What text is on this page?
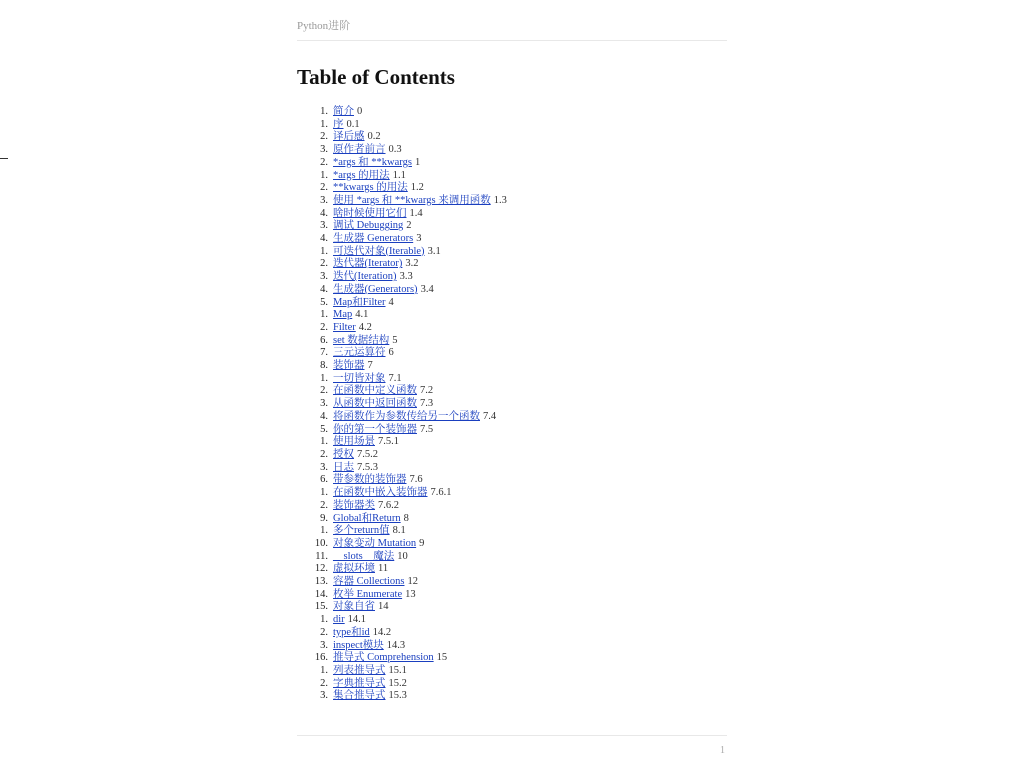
Python进阶
Table of Contents
1. 简介 0
1. 序 0.1
2. 译后感 0.2
3. 原作者前言 0.3
2. *args 和 **kwargs 1
1. *args 的用法 1.1
2. **kwargs 的用法 1.2
3. 使用 *args 和 **kwargs 来调用函数 1.3
4. 啥时候使用它们 1.4
3. 调试 Debugging 2
4. 生成器 Generators 3
1. 可迭代对象(Iterable) 3.1
2. 迭代器(Iterator) 3.2
3. 迭代(Iteration) 3.3
4. 生成器(Generators) 3.4
5. Map和Filter 4
1. Map 4.1
2. Filter 4.2
6. set 数据结构 5
7. 三元运算符 6
8. 装饰器 7
1. 一切皆对象 7.1
2. 在函数中定义函数 7.2
3. 从函数中返回函数 7.3
4. 将函数作为参数传给另一个函数 7.4
5. 你的第一个装饰器 7.5
1. 使用场景 7.5.1
2. 授权 7.5.2
3. 日志 7.5.3
6. 带参数的装饰器 7.6
1. 在函数中嵌入装饰器 7.6.1
2. 装饰器类 7.6.2
9. Global和Return 8
1. 多个return值 8.1
10. 对象变动 Mutation 9
11. __slots__魔法 10
12. 虚拟环境 11
13. 容器 Collections 12
14. 枚举 Enumerate 13
15. 对象自省 14
1. dir 14.1
2. type和id 14.2
3. inspect模块 14.3
16. 推导式 Comprehension 15
1. 列表推导式 15.1
2. 字典推导式 15.2
3. 集合推导式 15.3
1
